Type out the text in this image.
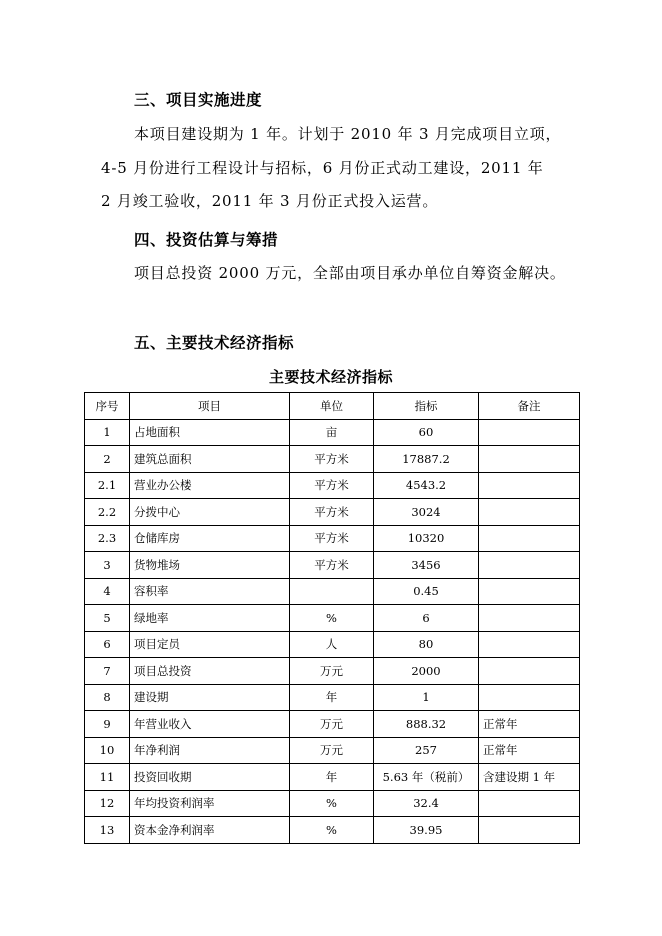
三、项目实施进度
本项目建设期为 1 年。计划于 2010 年 3 月完成项目立项，
4-5 月份进行工程设计与招标，6 月份正式动工建设，2011 年
2 月竣工验收，2011 年 3 月份正式投入运营。
四、投资估算与筹措
项目总投资 2000 万元，全部由项目承办单位自筹资金解决。
五、主要技术经济指标
主要技术经济指标
序号	项目	单位	指标	备注
1	占地面积	亩	60	
2	建筑总面积	平方米	17887.2	
2.1	营业办公楼	平方米	4543.2	
2.2	分拨中心	平方米	3024	
2.3	仓储库房	平方米	10320	
3	货物堆场	平方米	3456	
4	容积率		0.45	
5	绿地率	%	6	
6	项目定员	人	80	
7	项目总投资	万元	2000	
8	建设期	年	1	
9	年营业收入	万元	888.32	正常年
10	年净利润	万元	257	正常年
11	投资回收期	年	5.63 年（税前）	含建设期 1 年
12	年均投资利润率	%	32.4	
13	资本金净利润率	%	39.95	
